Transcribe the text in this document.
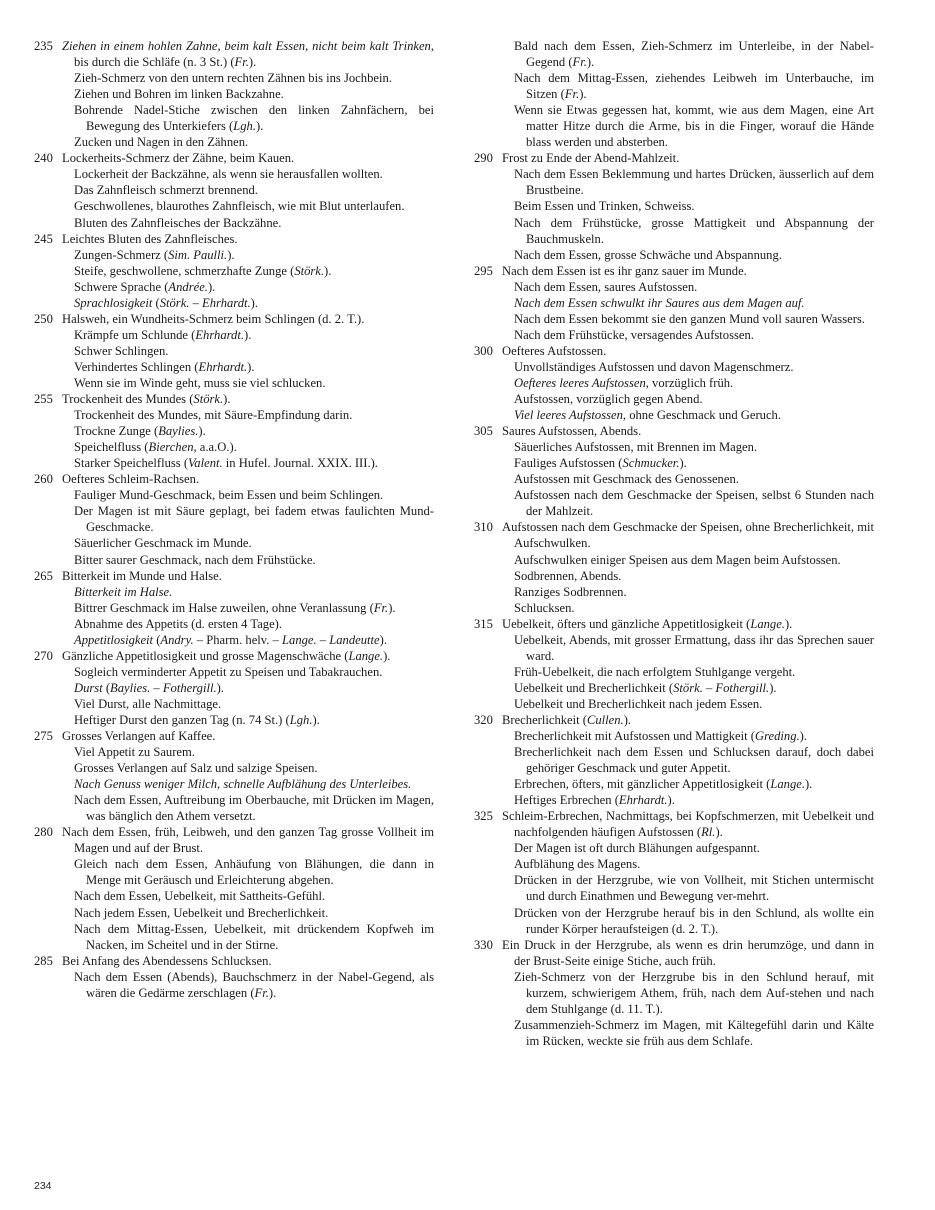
235 Ziehen in einem hohlen Zahne, beim kalt Essen, nicht beim kalt Trinken, bis durch die Schläfe (n. 3 St.) (Fr.).
Zieh-Schmerz von den untern rechten Zähnen bis ins Jochbein.
Ziehen und Bohren im linken Backzahne.
Bohrende Nadel-Stiche zwischen den linken Zahnfächern, bei Bewegung des Unterkiefers (Lgh.).
Zucken und Nagen in den Zähnen.
240 Lockerheits-Schmerz der Zähne, beim Kauen.
Lockerheit der Backzähne, als wenn sie herausfallen wollten.
Das Zahnfleisch schmerzt brennend.
Geschwollenes, blaurothes Zahnfleisch, wie mit Blut unterlaufen.
Bluten des Zahnfleisches der Backzähne.
245 Leichtes Bluten des Zahnfleisches.
Zungen-Schmerz (Sim. Paulli.).
Steife, geschwollene, schmerzhafte Zunge (Störk.).
Schwere Sprache (Andrée.).
Sprachlosigkeit (Störk. – Ehrhardt.).
250 Halsweh, ein Wundheits-Schmerz beim Schlingen (d. 2. T.).
Krämpfe um Schlunde (Ehrhardt.).
Schwer Schlingen.
Verhindertes Schlingen (Ehrhardt.).
Wenn sie im Winde geht, muss sie viel schlucken.
255 Trockenheit des Mundes (Störk.).
Trockenheit des Mundes, mit Säure-Empfindung darin.
Trockne Zunge (Baylies.).
Speichelfluss (Bierchen, a.a.O.).
Starker Speichelfluss (Valent. in Hufel. Journal. XXIX. III.).
260 Oefteres Schleim-Rachsen.
Fauliger Mund-Geschmack, beim Essen und beim Schlingen.
Der Magen ist mit Säure geplagt, bei fadem etwas faulichten Mund-Geschmacke.
Säuerlicher Geschmack im Munde.
Bitter saurer Geschmack, nach dem Frühstücke.
265 Bitterkeit im Munde und Halse.
Bitterkeit im Halse.
Bittrer Geschmack im Halse zuweilen, ohne Veranlassung (Fr.).
Abnahme des Appetits (d. ersten 4 Tage).
Appetitlosigkeit (Andry. – Pharm. helv. – Lange. – Landeutte).
270 Gänzliche Appetitlosigkeit und grosse Magenschwäche (Lange.).
Sogleich verminderter Appetit zu Speisen und Tabakrauchen.
Durst (Baylies. – Fothergill.).
Viel Durst, alle Nachmittage.
Heftiger Durst den ganzen Tag (n. 74 St.) (Lgh.).
275 Grosses Verlangen auf Kaffee.
Viel Appetit zu Saurem.
Grosses Verlangen auf Salz und salzige Speisen.
Nach Genuss weniger Milch, schnelle Aufblähung des Unterleibes.
Nach dem Essen, Auftreibung im Oberbauche, mit Drücken im Magen, was bänglich den Athem versetzt.
280 Nach dem Essen, früh, Leibweh, und den ganzen Tag grosse Vollheit im Magen und auf der Brust.
Gleich nach dem Essen, Anhäufung von Blähungen, die dann in Menge mit Geräusch und Erleichterung abgehen.
Nach dem Essen, Uebelkeit, mit Sattheits-Gefühl.
Nach jedem Essen, Uebelkeit und Brecherlichkeit.
Nach dem Mittag-Essen, Uebelkeit, mit drückendem Kopfweh im Nacken, im Scheitel und in der Stirne.
285 Bei Anfang des Abendessens Schlucksen.
Nach dem Essen (Abends), Bauchschmerz in der Nabel-Gegend, als wären die Gedärme zerschlagen (Fr.).
Bald nach dem Essen, Zieh-Schmerz im Unterleibe, in der Nabel-Gegend (Fr.).
Nach dem Mittag-Essen, ziehendes Leibweh im Unterbauche, im Sitzen (Fr.).
Wenn sie Etwas gegessen hat, kommt, wie aus dem Magen, eine Art matter Hitze durch die Arme, bis in die Finger, worauf die Hände blass werden und absterben.
290 Frost zu Ende der Abend-Mahlzeit.
Nach dem Essen Beklemmung und hartes Drücken, äusserlich auf dem Brustbeine.
Beim Essen und Trinken, Schweiss.
Nach dem Frühstücke, grosse Mattigkeit und Abspannung der Bauchmuskeln.
Nach dem Essen, grosse Schwäche und Abspannung.
295 Nach dem Essen ist es ihr ganz sauer im Munde.
Nach dem Essen, saures Aufstossen.
Nach dem Essen schwulkt ihr Saures aus dem Magen auf.
Nach dem Essen bekommt sie den ganzen Mund voll sauren Wassers.
Nach dem Frühstücke, versagendes Aufstossen.
300 Oefteres Aufstossen.
Unvollständiges Aufstossen und davon Magenschmerz.
Oefteres leeres Aufstossen, vorzüglich früh.
Aufstossen, vorzüglich gegen Abend.
Viel leeres Aufstossen, ohne Geschmack und Geruch.
305 Saures Aufstossen, Abends.
Säuerliches Aufstossen, mit Brennen im Magen.
Fauliges Aufstossen (Schmucker.).
Aufstossen mit Geschmack des Genossenen.
Aufstossen nach dem Geschmacke der Speisen, selbst 6 Stunden nach der Mahlzeit.
310 Aufstossen nach dem Geschmacke der Speisen, ohne Brecherlichkeit, mit Aufschwulken.
Aufschwulken einiger Speisen aus dem Magen beim Aufstossen.
Sodbrennen, Abends.
Ranziges Sodbrennen.
Schlucksen.
315 Uebelkeit, öfters und gänzliche Appetitlosigkeit (Lange.).
Uebelkeit, Abends, mit grosser Ermattung, dass ihr das Sprechen sauer ward.
Früh-Uebelkeit, die nach erfolgtem Stuhlgange vergeht.
Uebelkeit und Brecherlichkeit (Störk. – Fothergill.).
Uebelkeit und Brecherlichkeit nach jedem Essen.
320 Brecherlichkeit (Cullen.).
Brecherlichkeit mit Aufstossen und Mattigkeit (Greding.).
Brecherlichkeit nach dem Essen und Schlucksen darauf, doch dabei gehöriger Geschmack und guter Appetit.
Erbrechen, öfters, mit gänzlicher Appetitlosigkeit (Lange.).
Heftiges Erbrechen (Ehrhardt.).
325 Schleim-Erbrechen, Nachmittags, bei Kopfschmerzen, mit Uebelkeit und nachfolgenden häufigen Aufstossen (Rl.).
Der Magen ist oft durch Blähungen aufgespannt.
Aufblähung des Magens.
Drücken in der Herzgrube, wie von Vollheit, mit Stichen untermischt und durch Einathmen und Bewegung ver-mehrt.
Drücken von der Herzgrube herauf bis in den Schlund, als wollte ein runder Körper heraufsteigen (d. 2. T.).
330 Ein Druck in der Herzgrube, als wenn es drin herumzöge, und dann in der Brust-Seite einige Stiche, auch früh.
Zieh-Schmerz von der Herzgrube bis in den Schlund herauf, mit kurzem, schwierigem Athem, früh, nach dem Auf-stehen und nach dem Stuhlgange (d. 11. T.).
Zusammenzieh-Schmerz im Magen, mit Kältegefühl darin und Kälte im Rücken, weckte sie früh aus dem Schlafe.
234
